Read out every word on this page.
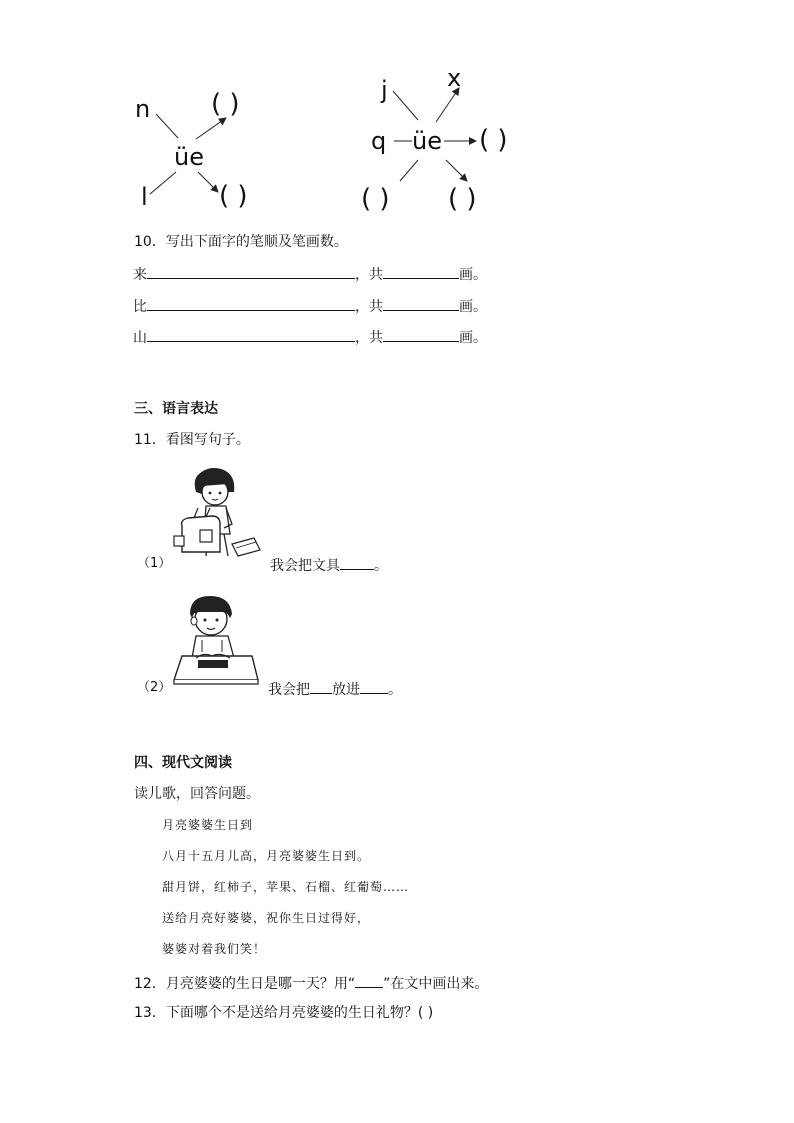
n
l
üe
( )
( )
j x
q üe ( )
( ) ( )
10．写出下面字的笔顺及笔画数。
来	，共	画。
比	，共	画。
山	，共	画。
三、语言表达
11．看图写句子。
（1）	我会把文具 。
（2）	我会把 放进 。
四、现代文阅读
读儿歌，回答问题。
月亮婆婆生日到
八月十五月儿高，月亮婆婆生日到。
甜月饼，红柿子，苹果、石榴、红葡萄……
送给月亮好婆婆，祝你生日过得好，
婆婆对着我们笑！
12．月亮婆婆的生日是哪一天？用“ ”在文中画出来。
13．下面哪个不是送给月亮婆婆的生日礼物？( )
